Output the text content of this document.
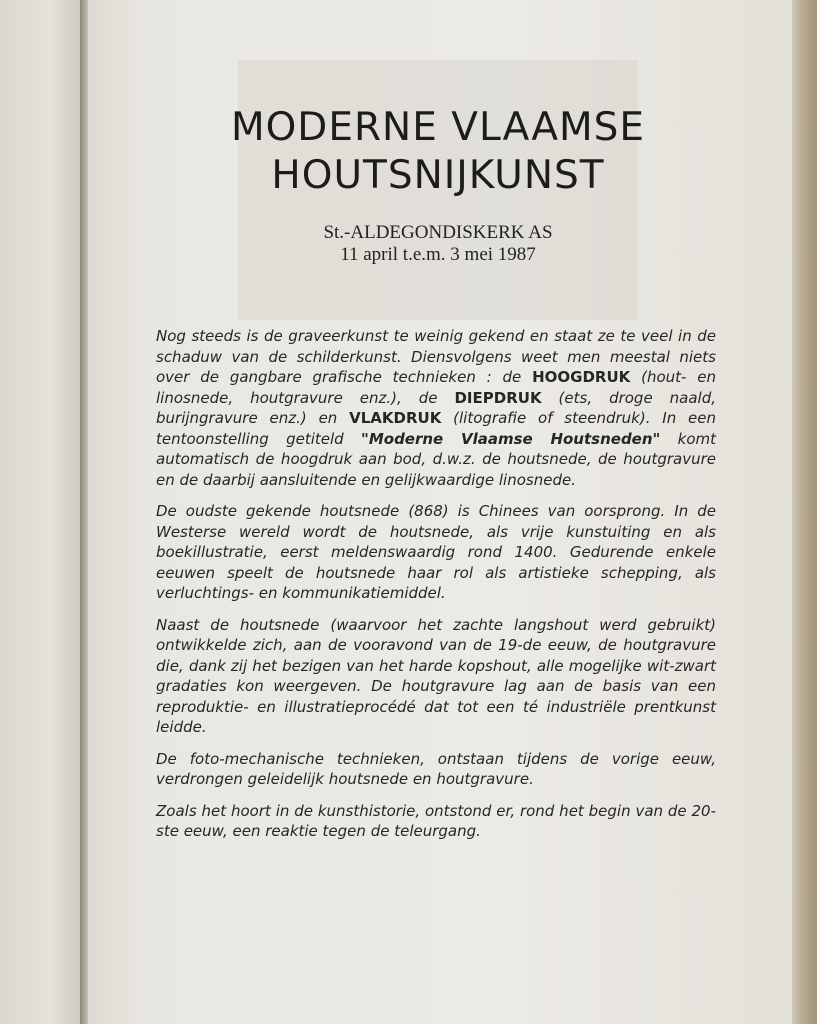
MODERNE VLAAMSE
HOUTSNIJKUNST
St.-ALDEGONDISKERK AS
11 april t.e.m. 3 mei 1987

Nog steeds is de graveerkunst te weinig gekend en staat ze te veel in de schaduw van de schilderkunst. Diensvolgens weet men meestal niets over de gangbare grafische technieken : de HOOGDRUK (hout- en linosnede, houtgravure enz.), de DIEPDRUK (ets, droge naald, burijngravure enz.) en VLAKDRUK (litografie of steendruk). In een tentoonstelling getiteld "Moderne Vlaamse Houtsneden" komt automatisch de hoogdruk aan bod, d.w.z. de houtsnede, de houtgravure en de daarbij aansluitende en gelijkwaardige linosnede.

De oudste gekende houtsnede (868) is Chinees van oorsprong. In de Westerse wereld wordt de houtsnede, als vrije kunstuiting en als boekillustratie, eerst meldenswaardig rond 1400. Gedurende enkele eeuwen speelt de houtsnede haar rol als artistieke schepping, als verluchtings- en kommunikatiemiddel.

Naast de houtsnede (waarvoor het zachte langshout werd gebruikt) ontwikkelde zich, aan de vooravond van de 19-de eeuw, de houtgravure die, dank zij het bezigen van het harde kopshout, alle mogelijke wit-zwart gradaties kon weergeven. De houtgravure lag aan de basis van een reproduktie- en illustratieprocédé dat tot een té industriële prentkunst leidde.

De foto-mechanische technieken, ontstaan tijdens de vorige eeuw, verdrongen geleidelijk houtsnede en houtgravure.

Zoals het hoort in de kunsthistorie, ontstond er, rond het begin van de 20-ste eeuw, een reaktie tegen de teleurgang.
